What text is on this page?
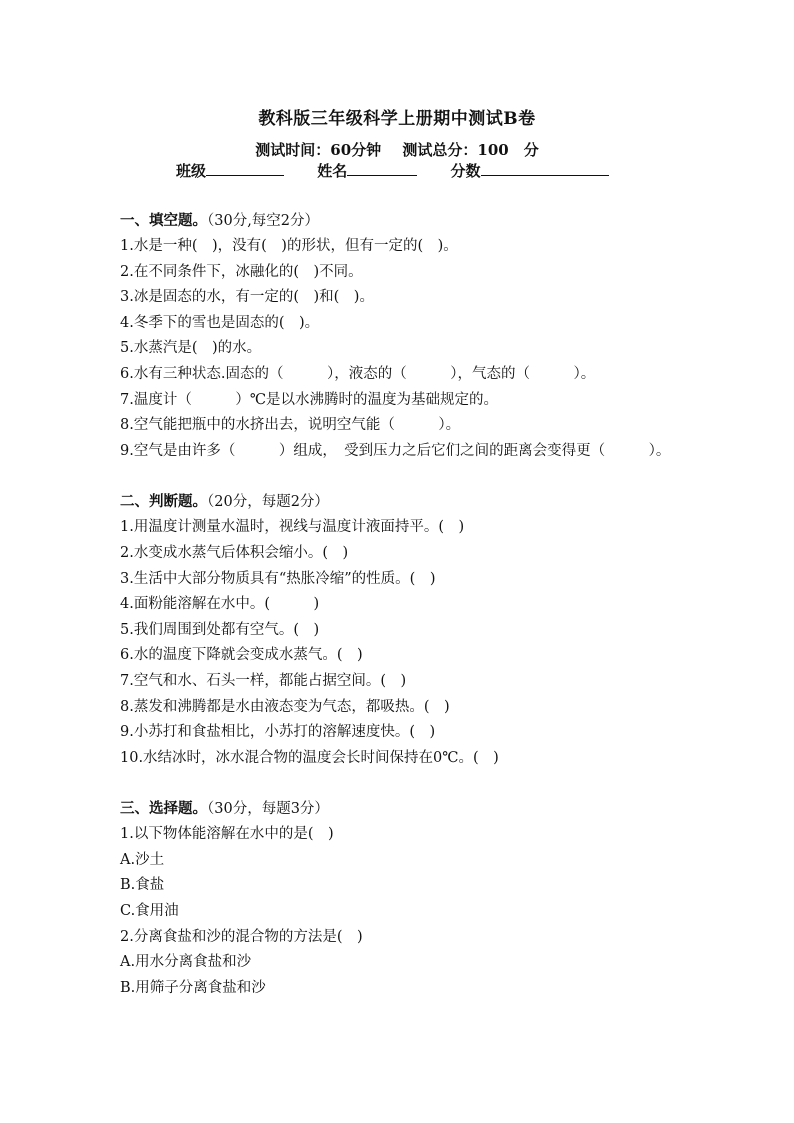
教科版三年级科学上册期中测试B卷
测试时间：60分钟 测试总分：100　分
班级	姓名	分数

一、填空题。（30分,每空2分）

1.水是一种(　)，没有(　)的形状，但有一定的(　)。

2.在不同条件下，冰融化的(　)不同。

3.冰是固态的水，有一定的(　)和(　)。

4.冬季下的雪也是固态的(　)。

5.水蒸汽是(　)的水。

6.水有三种状态.固态的（　　　），液态的（　　　），气态的（　　　）。

7.温度计（　　　）℃是以水沸腾时的温度为基础规定的。

8.空气能把瓶中的水挤出去，说明空气能（　　　）。

9.空气是由许多（　　　）组成，　受到压力之后它们之间的距离会变得更（　　　）。

二、判断题。（20分，每题2分）

1.用温度计测量水温时，视线与温度计液面持平。(　)

2.水变成水蒸气后体积会缩小。(　)

3.生活中大部分物质具有“热胀冷缩”的性质。(　)

4.面粉能溶解在水中。(　　　)

5.我们周围到处都有空气。(　)

6.水的温度下降就会变成水蒸气。(　)

7.空气和水、石头一样，都能占据空间。(　)

8.蒸发和沸腾都是水由液态变为气态，都吸热。(　)

9.小苏打和食盐相比，小苏打的溶解速度快。(　)

10.水结冰时，冰水混合物的温度会长时间保持在0℃。(　)

三、选择题。（30分，每题3分）

1.以下物体能溶解在水中的是(　)

A.沙土

B.食盐

C.食用油

2.分离食盐和沙的混合物的方法是(　)

A.用水分离食盐和沙

B.用筛子分离食盐和沙
